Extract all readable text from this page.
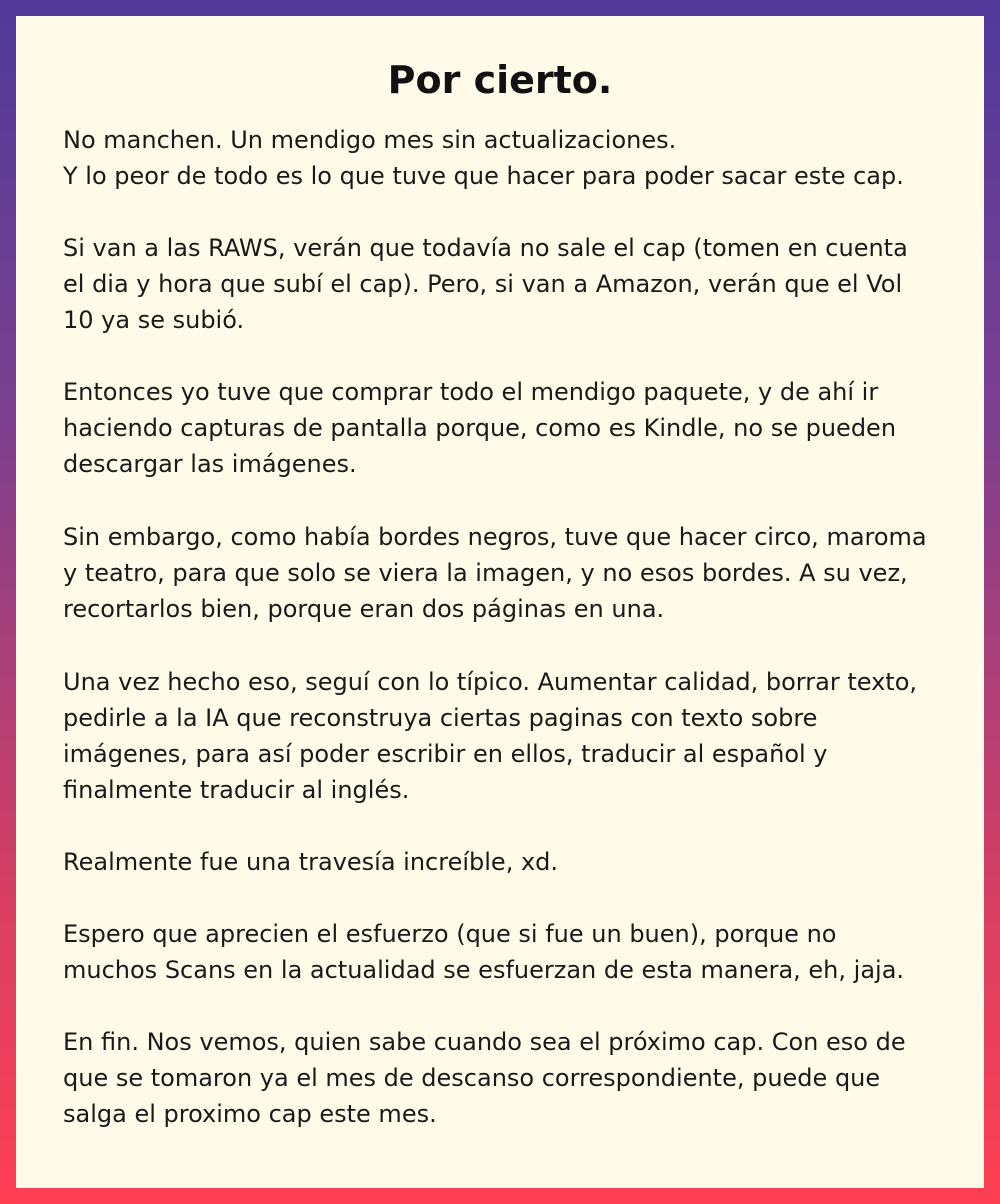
Por cierto.

No manchen. Un mendigo mes sin actualizaciones.
Y lo peor de todo es lo que tuve que hacer para poder sacar este cap.

Si van a las RAWS, verán que todavía no sale el cap (tomen en cuenta
el dia y hora que subí el cap). Pero, si van a Amazon, verán que el Vol
10 ya se subió.

Entonces yo tuve que comprar todo el mendigo paquete, y de ahí ir
haciendo capturas de pantalla porque, como es Kindle, no se pueden
descargar las imágenes.

Sin embargo, como había bordes negros, tuve que hacer circo, maroma
y teatro, para que solo se viera la imagen, y no esos bordes. A su vez,
recortarlos bien, porque eran dos páginas en una.

Una vez hecho eso, seguí con lo típico. Aumentar calidad, borrar texto,
pedirle a la IA que reconstruya ciertas paginas con texto sobre
imágenes, para así poder escribir en ellos, traducir al español y
finalmente traducir al inglés.

Realmente fue una travesía increíble, xd.

Espero que aprecien el esfuerzo (que si fue un buen), porque no
muchos Scans en la actualidad se esfuerzan de esta manera, eh, jaja.

En fin. Nos vemos, quien sabe cuando sea el próximo cap. Con eso de
que se tomaron ya el mes de descanso correspondiente, puede que
salga el proximo cap este mes.
